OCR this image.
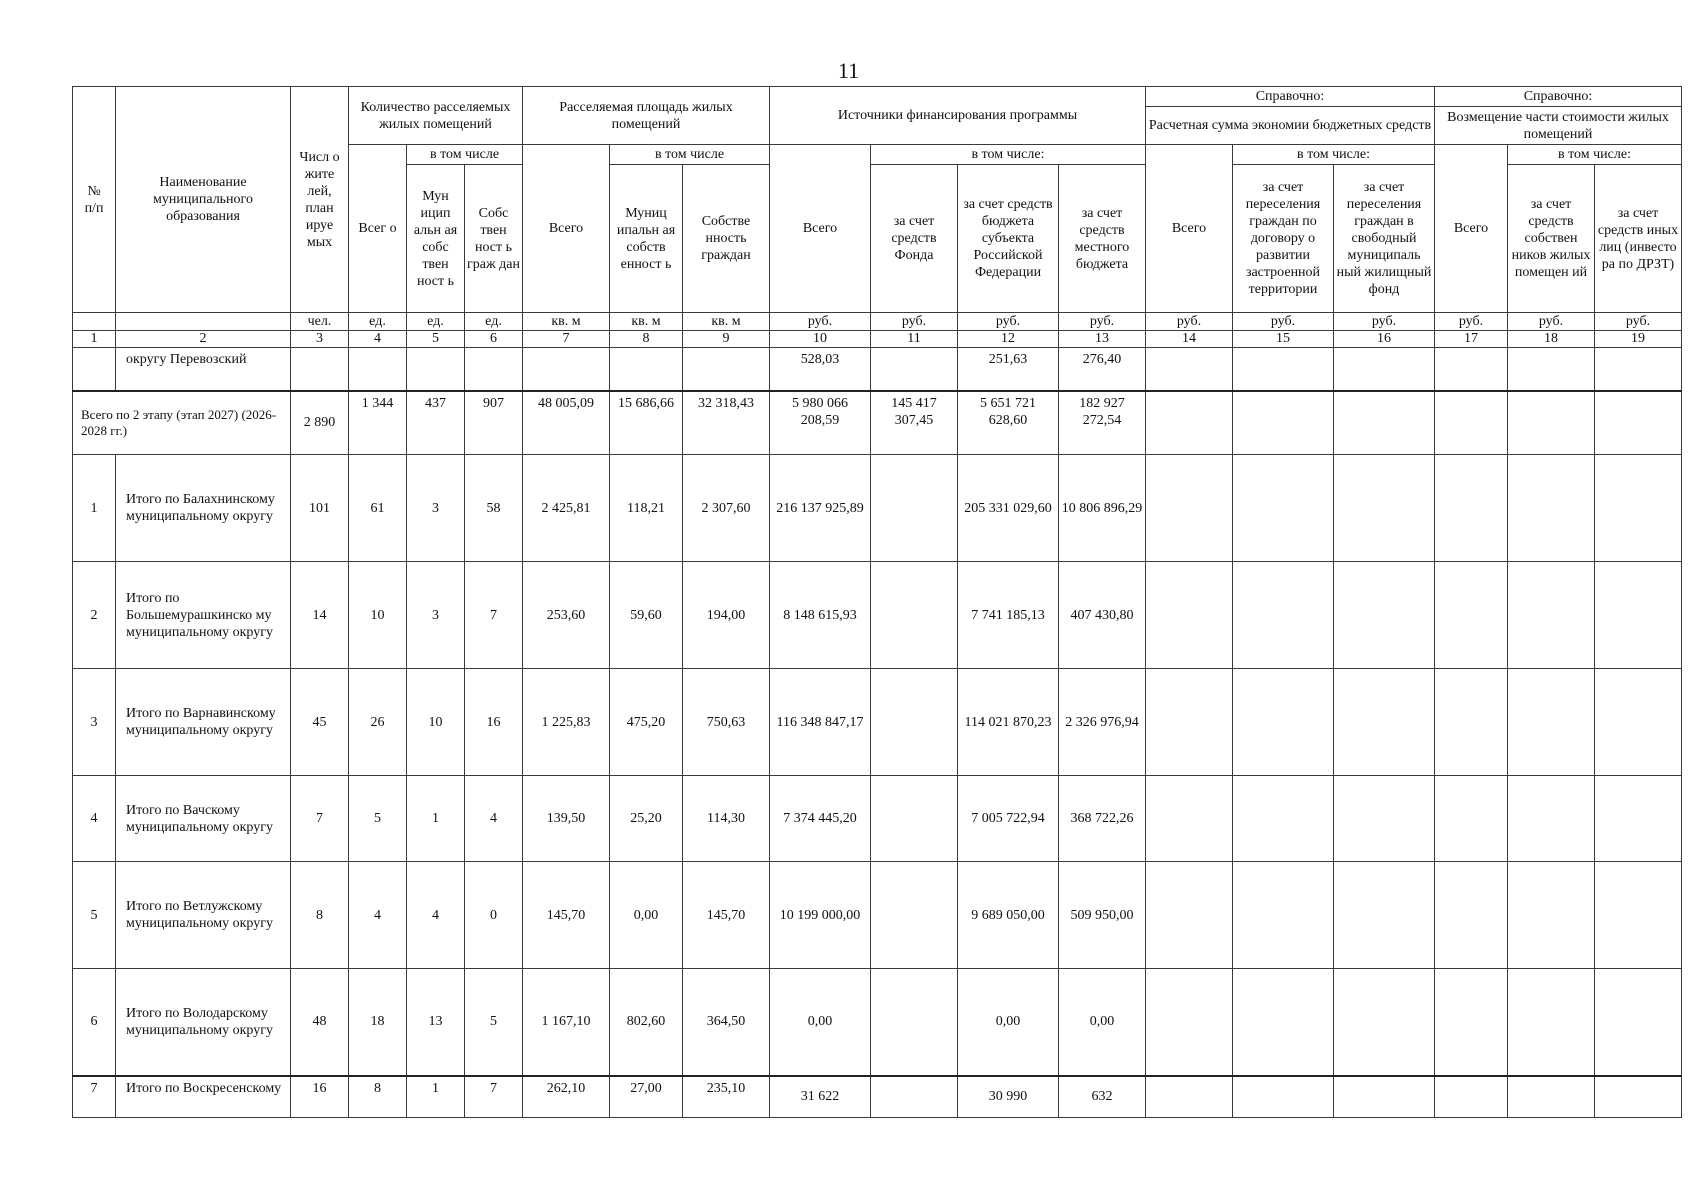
11
№
п/п	Наименование муниципального образования	Числ о жите лей, план ируе мых	Количество расселяемых жилых помещений			Расселяемая площадь жилых помещений			Источники финансирования программы				Справочно:			Справочно:		
													Расчетная сумма экономии бюджетных средств			Возмещение части стоимости жилых помещений		
			Всег о	в том числе		Всего	в том числе		Всего	в том числе:			Всего	в том числе:		Всего	в том числе:	
				Мун ицип альн ая собс твен ност ь	Собс твен ност ь граж дан		Муниц ипальн ая собств енност ь	Собстве нность граждан		за счет средств Фонда	за счет средств бюджета субъекта Российской Федерации	за счет средств местного бюджета		за счет переселения граждан по договору о развитии застроенной территории	за счет переселения граждан в свободный муниципаль ный жилищный фонд		за счет средств собствен ников жилых помещен ий	за счет средств иных лиц (инвесто ра по ДРЗТ)
		чел.	ед.	ед.	ед.	кв. м	кв. м	кв. м	руб.	руб.	руб.	руб.	руб.	руб.	руб.	руб.	руб.	руб.
1	2	3	4	5	6	7	8	9	10	11	12	13	14	15	16	17	18	19
	округу Перевозский								528,03		251,63	276,40						
Всего по 2 этапу (этап 2027) (2026-2028 гг.)		2 890	1 344	437	907	48 005,09	15 686,66	32 318,43	5 980 066 208,59	145 417 307,45	5 651 721 628,60	182 927 272,54						
1	Итого по Балахнинскому муниципальному округу	101	61	3	58	2 425,81	118,21	2 307,60	216 137 925,89		205 331 029,60	10 806 896,29						
2	Итого по Большемурашкинско му муниципальному округу	14	10	3	7	253,60	59,60	194,00	8 148 615,93		7 741 185,13	407 430,80						
3	Итого по Варнавинскому муниципальному округу	45	26	10	16	1 225,83	475,20	750,63	116 348 847,17		114 021 870,23	2 326 976,94						
4	Итого по Вачскому муниципальному округу	7	5	1	4	139,50	25,20	114,30	7 374 445,20		7 005 722,94	368 722,26						
5	Итого по Ветлужскому муниципальному округу	8	4	4	0	145,70	0,00	145,70	10 199 000,00		9 689 050,00	509 950,00						
6	Итого по Володарскому муниципальному округу	48	18	13	5	1 167,10	802,60	364,50	0,00		0,00	0,00						
7	Итого по Воскресенскому	16	8	1	7	262,10	27,00	235,10	31 622		30 990	632						
